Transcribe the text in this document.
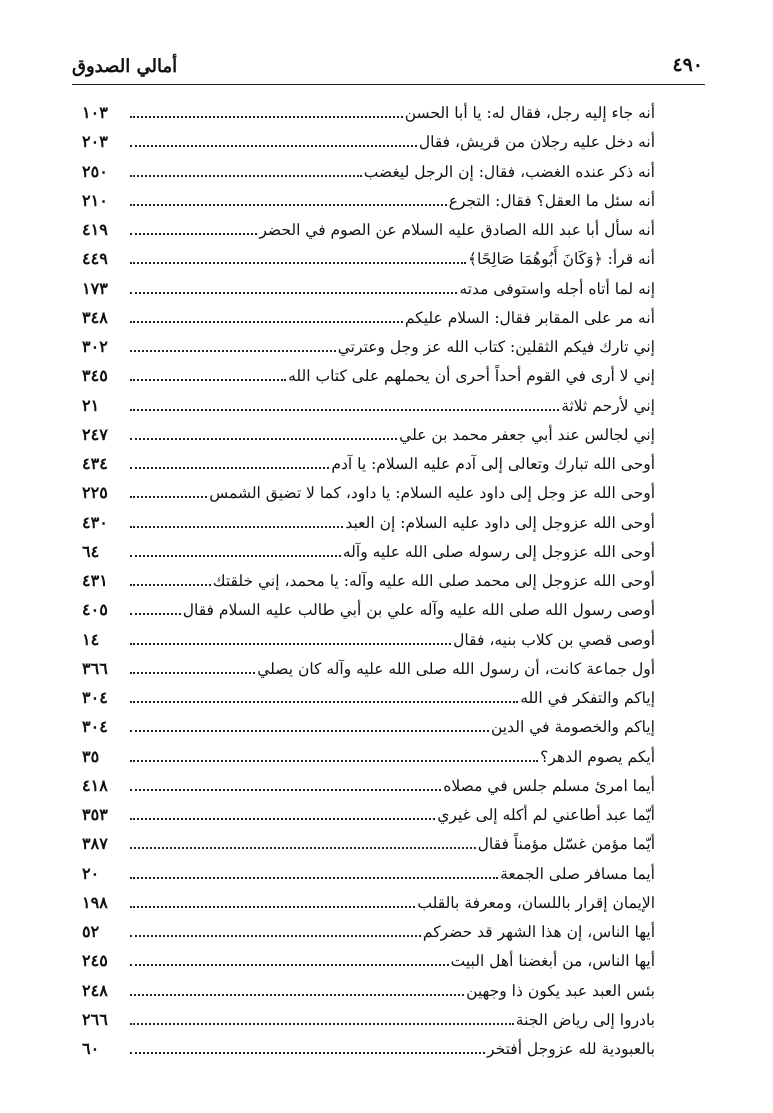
أمالي الصدوق	٤٩٠
أنه جاء إليه رجل، فقال له: يا أبا الحسن
١٠٣
أنه دخل عليه رجلان من قريش، فقال
٢٠٣
أنه ذكر عنده الغضب، فقال: إن الرجل ليغضب
٢٥٠
أنه سئل ما العقل؟ فقال: التجرع
٢١٠
أنه سأل أبا عبد الله الصادق عليه السلام عن الصوم في الحضر
٤١٩
أنه قرأ: ﴿وَكَانَ أَبُوهُمَا صَالِحًا﴾
٤٤٩
إنه لما أتاه أجله واستوفى مدته
١٧٣
أنه مر على المقابر فقال: السلام عليكم
٣٤٨
إني تارك فيكم الثقلين: كتاب الله عز وجل وعترتي
٣٠٢
إني لا أرى في القوم أحداً أحرى أن يحملهم على كتاب الله
٣٤٥
إني لأرحم ثلاثة
٢١
إني لجالس عند أبي جعفر محمد بن علي
٢٤٧
أوحى الله تبارك وتعالى إلى آدم عليه السلام: يا آدم
٤٣٤
أوحى الله عز وجل إلى داود عليه السلام: يا داود، كما لا تضيق الشمس
٢٢٥
أوحى الله عزوجل إلى داود عليه السلام: إن العبد
٤٣٠
أوحى الله عزوجل إلى رسوله صلى الله عليه وآله
٦٤
أوحى الله عزوجل إلى محمد صلى الله عليه وآله: يا محمد، إني خلقتك
٤٣١
أوصى رسول الله صلى الله عليه وآله علي بن أبي طالب عليه السلام فقال
٤٠٥
أوصى قصي بن كلاب بنيه، فقال
١٤
أول جماعة كانت، أن رسول الله صلى الله عليه وآله كان يصلي
٣٦٦
إياكم والتفكر في الله
٣٠٤
إياكم والخصومة في الدين
٣٠٤
أيكم يصوم الدهر؟
٣٥
أيما امرئ مسلم جلس في مصلاه
٤١٨
أيّما عبد أطاعني لم أكله إلى غيري
٣٥٣
أيّما مؤمن غسّل مؤمناً فقال
٣٨٧
أيما مسافر صلى الجمعة
٢٠
الإيمان إقرار باللسان، ومعرفة بالقلب
١٩٨
أيها الناس، إن هذا الشهر قد حضركم
٥٢
أيها الناس، من أبغضنا أهل البيت
٢٤٥
بئس العبد عبد يكون ذا وجهين
٢٤٨
بادروا إلى رياض الجنة
٢٦٦
بالعبودية لله عزوجل أفتخر
٦٠
